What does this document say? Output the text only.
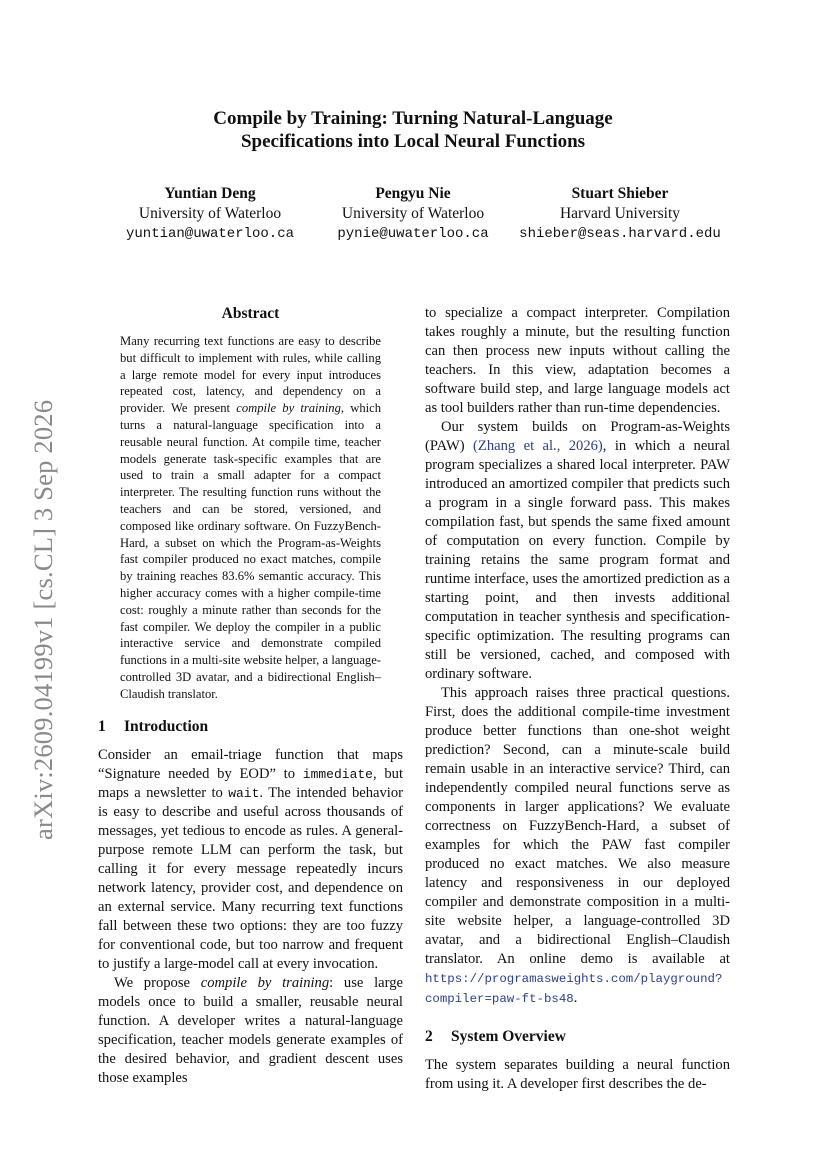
arXiv:2609.04199v1 [cs.CL] 3 Sep 2026
Compile by Training: Turning Natural-Language
Specifications into Local Neural Functions
Yuntian Deng
University of Waterloo
yuntian@uwaterloo.ca
Pengyu Nie
University of Waterloo
pynie@uwaterloo.ca
Stuart Shieber
Harvard University
shieber@seas.harvard.edu
Abstract
Many recurring text functions are easy to describe but difficult to implement with rules, while calling a large remote model for every input introduces repeated cost, latency, and dependency on a provider. We present compile by training, which turns a natural-language specification into a reusable neural function. At compile time, teacher models generate task-specific examples that are used to train a small adapter for a compact interpreter. The resulting function runs without the teachers and can be stored, versioned, and composed like ordinary software. On FuzzyBench-Hard, a subset on which the Program-as-Weights fast compiler produced no exact matches, compile by training reaches 83.6% semantic accuracy. This higher accuracy comes with a higher compile-time cost: roughly a minute rather than seconds for the fast compiler. We deploy the compiler in a public interactive service and demonstrate compiled functions in a multi-site website helper, a language-controlled 3D avatar, and a bidirectional English–Claudish translator.
1 Introduction

Consider an email-triage function that maps “Signature needed by EOD” to immediate, but maps a newsletter to wait. The intended behavior is easy to describe and useful across thousands of messages, yet tedious to encode as rules. A general-purpose remote LLM can perform the task, but calling it for every message repeatedly incurs network latency, provider cost, and dependence on an external service. Many recurring text functions fall between these two options: they are too fuzzy for conventional code, but too narrow and frequent to justify a large-model call at every invocation.

We propose compile by training: use large models once to build a smaller, reusable neural function. A developer writes a natural-language specification, teacher models generate examples of the desired behavior, and gradient descent uses those examples

to specialize a compact interpreter. Compilation takes roughly a minute, but the resulting function can then process new inputs without calling the teachers. In this view, adaptation becomes a software build step, and large language models act as tool builders rather than run-time dependencies.

Our system builds on Program-as-Weights (PAW) (Zhang et al., 2026), in which a neural program specializes a shared local interpreter. PAW introduced an amortized compiler that predicts such a program in a single forward pass. This makes compilation fast, but spends the same fixed amount of computation on every function. Compile by training retains the same program format and runtime interface, uses the amortized prediction as a starting point, and then invests additional computation in teacher synthesis and specification-specific optimization. The resulting programs can still be versioned, cached, and composed with ordinary software.

This approach raises three practical questions. First, does the additional compile-time investment produce better functions than one-shot weight prediction? Second, can a minute-scale build remain usable in an interactive service? Third, can independently compiled neural functions serve as components in larger applications? We evaluate correctness on FuzzyBench-Hard, a subset of examples for which the PAW fast compiler produced no exact matches. We also measure latency and responsiveness in our deployed compiler and demonstrate composition in a multi-site website helper, a language-controlled 3D avatar, and a bidirectional English–Claudish translator. An online demo is available at https://programasweights.com/playground?compiler=paw-ft-bs48.

2 System Overview

The system separates building a neural function from using it. A developer first describes the de-
